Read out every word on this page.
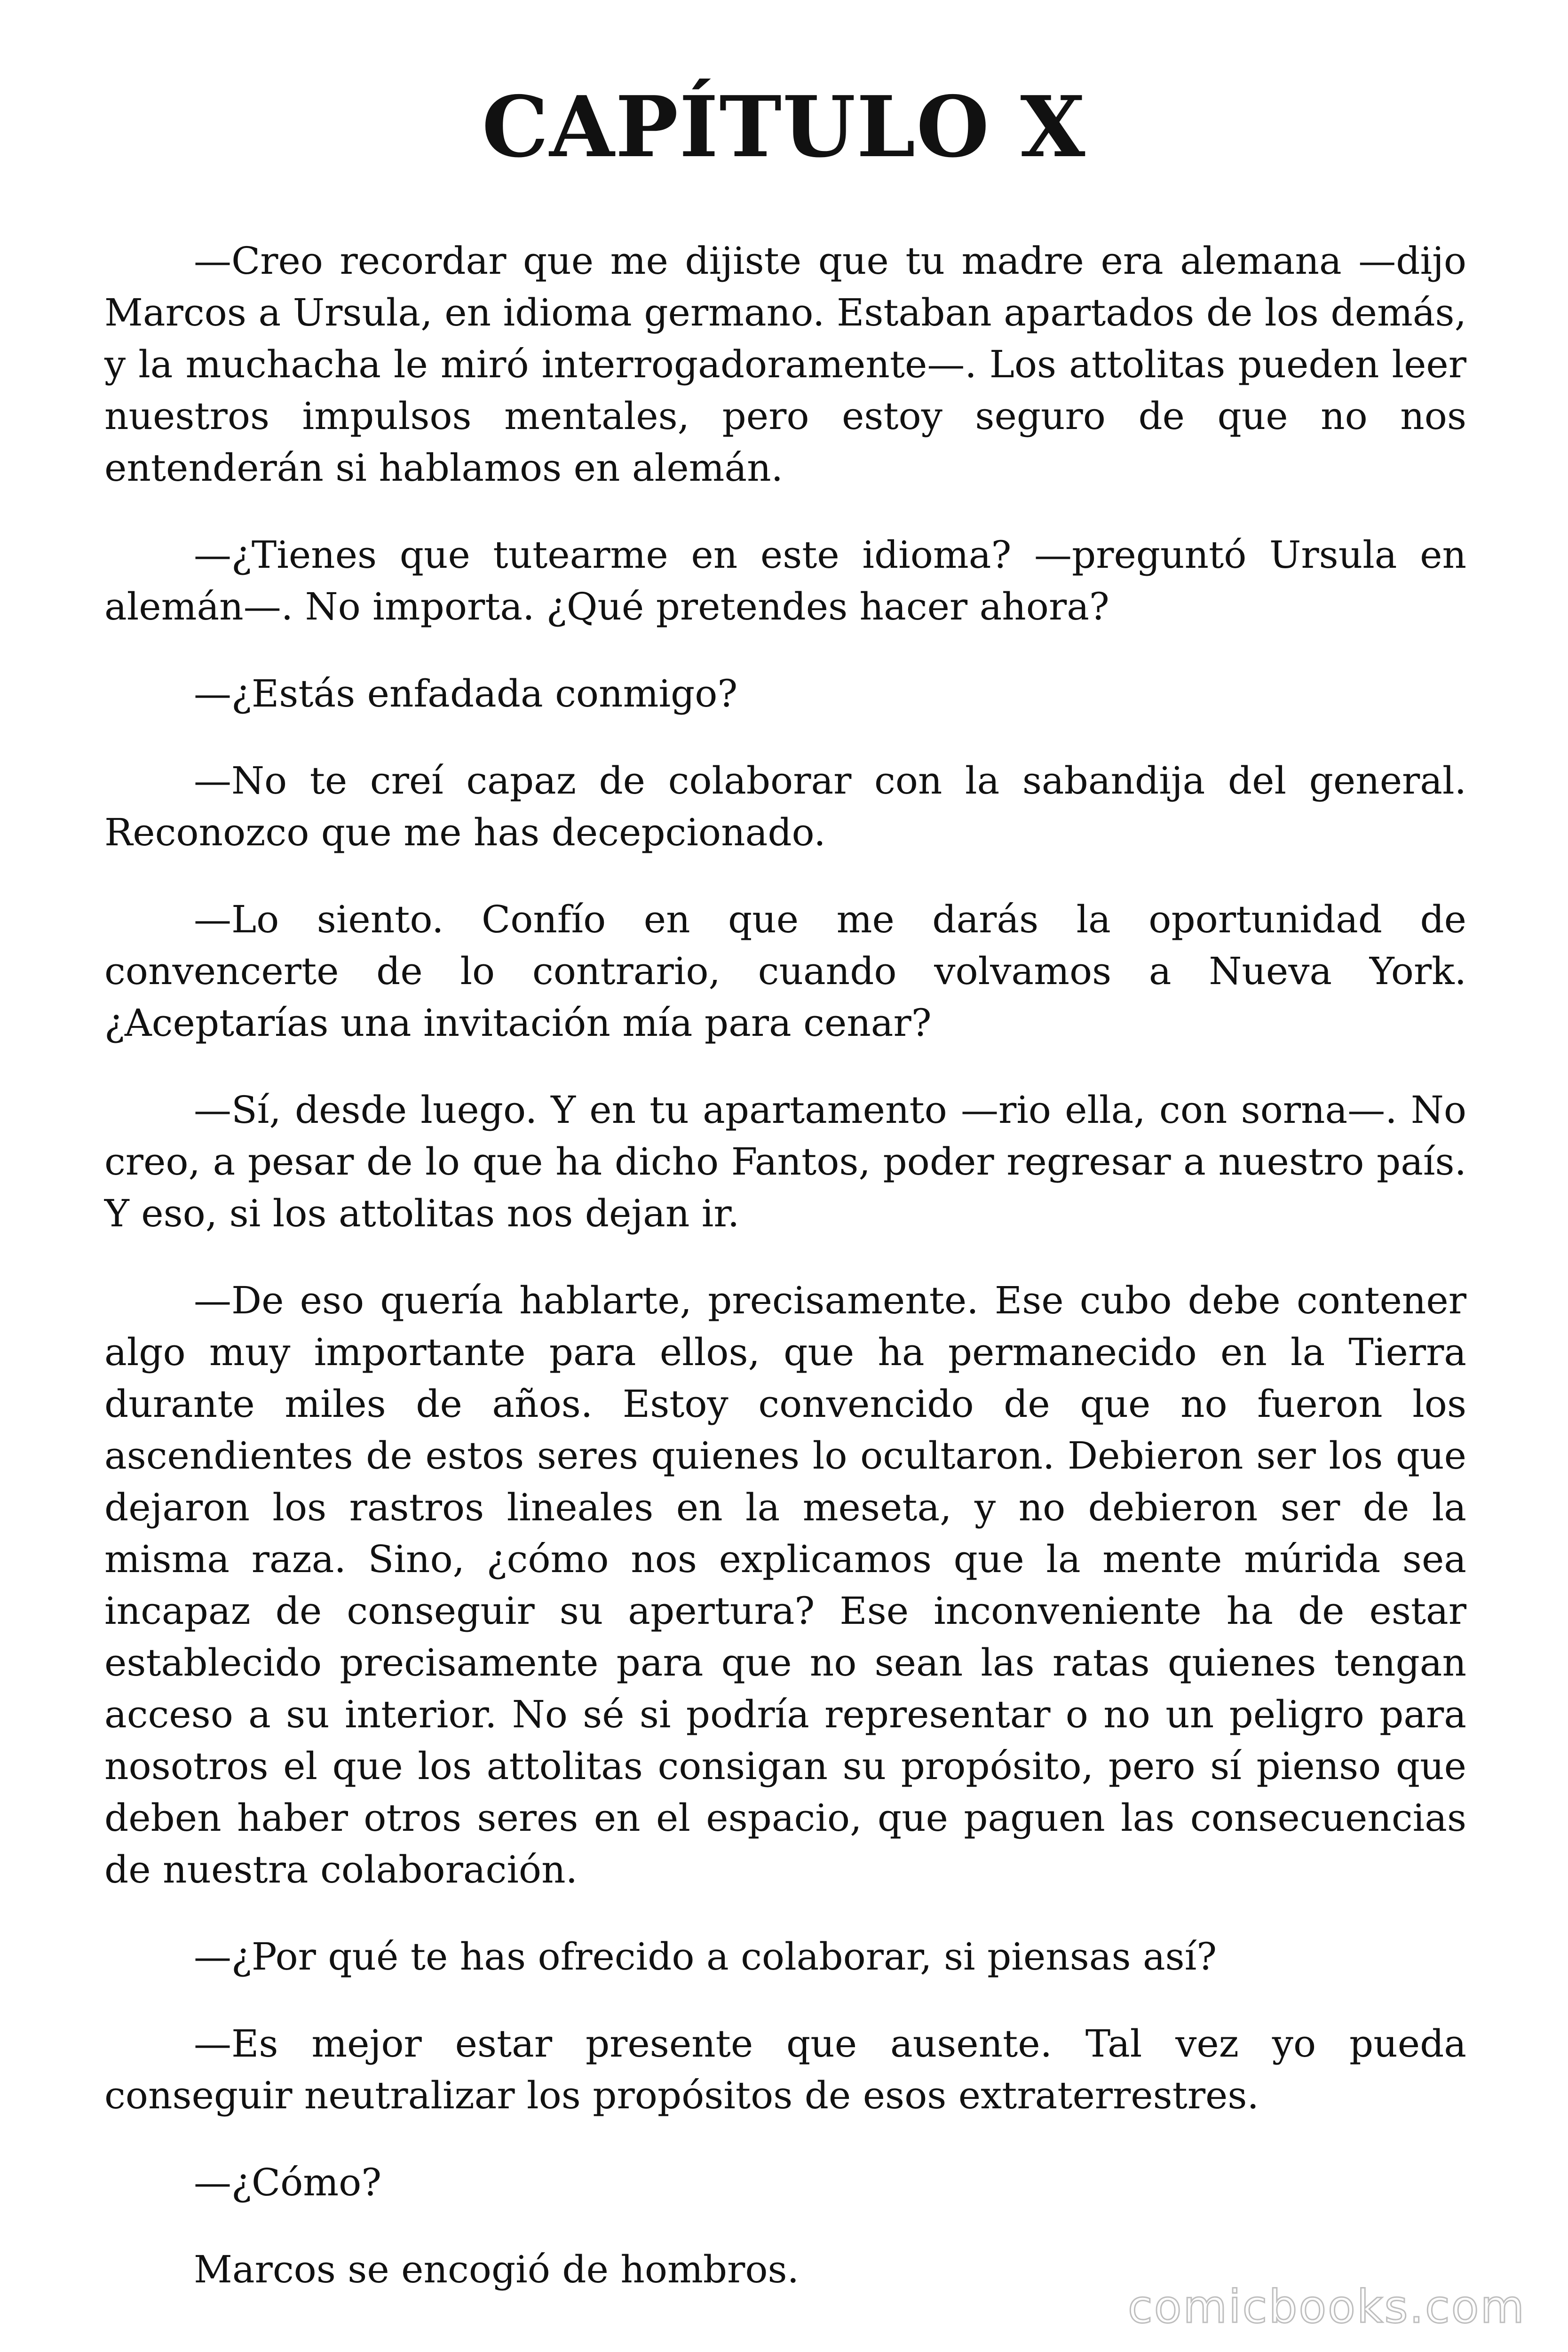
CAPÍTULO X

—Creo recordar que me dijiste que tu madre era alemana —dijo Marcos a Ursula, en idioma germano. Estaban apartados de los demás, y la muchacha le miró interrogadoramente—. Los attolitas pueden leer nuestros impulsos mentales, pero estoy seguro de que no nos entenderán si hablamos en alemán.

—¿Tienes que tutearme en este idioma? —preguntó Ursula en alemán—. No importa. ¿Qué pretendes hacer ahora?

—¿Estás enfadada conmigo?

—No te creí capaz de colaborar con la sabandija del general. Reconozco que me has decepcionado.

—Lo siento. Confío en que me darás la oportunidad de convencerte de lo contrario, cuando volvamos a Nueva York. ¿Aceptarías una invitación mía para cenar?

—Sí, desde luego. Y en tu apartamento —rio ella, con sorna—. No creo, a pesar de lo que ha dicho Fantos, poder regresar a nuestro país. Y eso, si los attolitas nos dejan ir.

—De eso quería hablarte, precisamente. Ese cubo debe contener algo muy importante para ellos, que ha permanecido en la Tierra durante miles de años. Estoy convencido de que no fueron los ascendientes de estos seres quienes lo ocultaron. Debieron ser los que dejaron los rastros lineales en la meseta, y no debieron ser de la misma raza. Sino, ¿cómo nos explicamos que la mente múrida sea incapaz de conseguir su apertura? Ese inconveniente ha de estar establecido precisamente para que no sean las ratas quienes tengan acceso a su interior. No sé si podría representar o no un peligro para nosotros el que los attolitas consigan su propósito, pero sí pienso que deben haber otros seres en el espacio, que paguen las consecuencias de nuestra colaboración.

—¿Por qué te has ofrecido a colaborar, si piensas así?

—Es mejor estar presente que ausente. Tal vez yo pueda conseguir neutralizar los propósitos de esos extraterrestres.

—¿Cómo?

Marcos se encogió de hombros.

comicbooks.com
